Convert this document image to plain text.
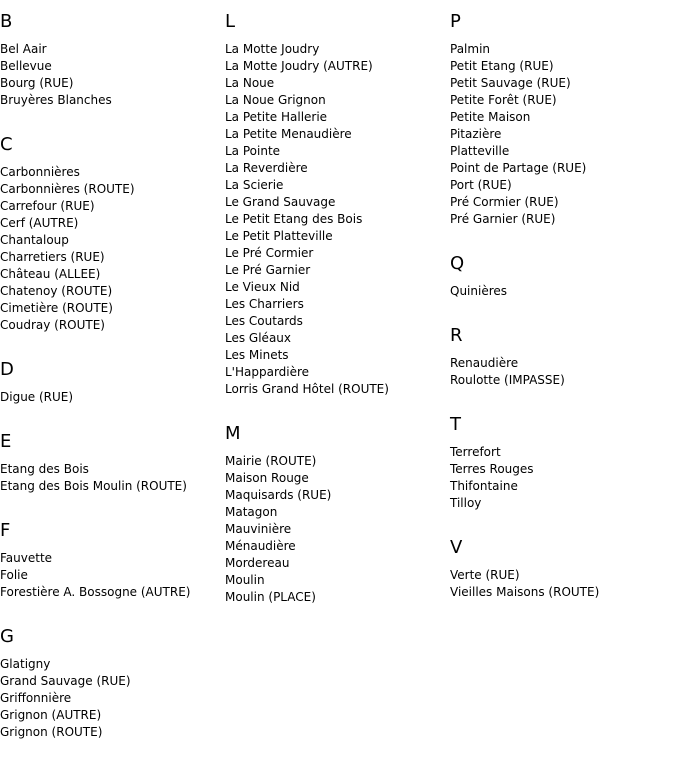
B
Bel Aair
Bellevue
Bourg (RUE)
Bruyères Blanches
C
Carbonnières
Carbonnières (ROUTE)
Carrefour (RUE)
Cerf (AUTRE)
Chantaloup
Charretiers (RUE)
Château (ALLEE)
Chatenoy (ROUTE)
Cimetière (ROUTE)
Coudray (ROUTE)
D
Digue (RUE)
E
Etang des Bois
Etang des Bois Moulin (ROUTE)
F
Fauvette
Folie
Forestière A. Bossogne (AUTRE)
G
Glatigny
Grand Sauvage (RUE)
Griffonnière
Grignon (AUTRE)
Grignon (ROUTE)
L
La Motte Joudry
La Motte Joudry (AUTRE)
La Noue
La Noue Grignon
La Petite Hallerie
La Petite Menaudière
La Pointe
La Reverdière
La Scierie
Le Grand Sauvage
Le Petit Etang des Bois
Le Petit Platteville
Le Pré Cormier
Le Pré Garnier
Le Vieux Nid
Les Charriers
Les Coutards
Les Gléaux
Les Minets
L'Happardière
Lorris Grand Hôtel (ROUTE)
M
Mairie (ROUTE)
Maison Rouge
Maquisards (RUE)
Matagon
Mauvinière
Ménaudière
Mordereau
Moulin
Moulin (PLACE)
P
Palmin
Petit Etang (RUE)
Petit Sauvage (RUE)
Petite Forêt (RUE)
Petite Maison
Pitazière
Platteville
Point de Partage (RUE)
Port (RUE)
Pré Cormier (RUE)
Pré Garnier (RUE)
Q
Quinières
R
Renaudière
Roulotte (IMPASSE)
T
Terrefort
Terres Rouges
Thifontaine
Tilloy
V
Verte (RUE)
Vieilles Maisons (ROUTE)
